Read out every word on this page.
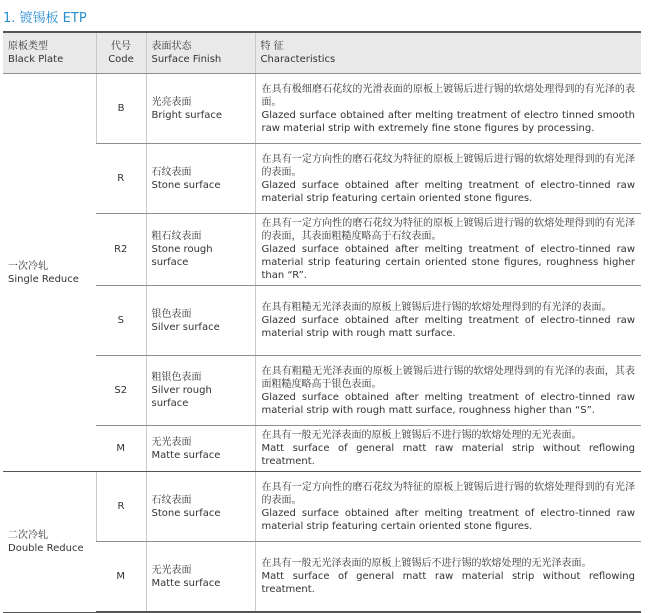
1. 镀锡板 ETP
原板类型
Black Plate	代号
Code	表面状态
Surface Finish	特 征
Characteristics

一次冷轧
Single Reduce	B	光亮表面
Bright surface	在具有极细磨石花纹的光滑表面的原板上镀锡后进行锡的软熔处理得到的有光泽的表面。
Glazed surface obtained after melting treatment of electro tinned smooth raw material strip with extremely fine stone figures by processing.

	R	石纹表面
Stone surface	在具有一定方向性的磨石花纹为特征的原板上镀锡后进行锡的软熔处理得到的有光泽的表面。
Glazed surface obtained after melting treatment of electro-tinned raw material strip featuring certain oriented stone figures.

	R2	粗石纹表面
Stone rough surface	在具有一定方向性的磨石花纹为特征的原板上镀锡后进行锡的软熔处理得到的有光泽的表面，其表面粗糙度略高于石纹表面。
Glazed surface obtained after melting treatment of electro-tinned raw material strip featuring certain oriented stone figures, roughness higher than “R”.

	S	银色表面
Silver surface	在具有粗糙无光泽表面的原板上镀锡后进行锡的软熔处理得到的有光泽的表面。
Glazed surface obtained after melting treatment of electro-tinned raw material strip with rough matt surface.

	S2	粗银色表面
Silver rough surface	在具有粗糙无光泽表面的原板上镀锡后进行锡的软熔处理得到的有光泽的表面，其表面粗糙度略高于银色表面。
Glazed surface obtained after melting treatment of electro-tinned raw material strip with rough matt surface, roughness higher than “S”.

	M	无光表面
Matte surface	在具有一般无光泽表面的原板上镀锡后不进行锡的软熔处理的无光表面。
Matt surface of general matt raw material strip without reflowing treatment.

二次冷轧
Double Reduce	R	石纹表面
Stone surface	在具有一定方向性的磨石花纹为特征的原板上镀锡后进行锡的软熔处理得到的有光泽的表面。
Glazed surface obtained after melting treatment of electro-tinned raw material strip featuring certain oriented stone figures.

	M	无光表面
Matte surface	在具有一般无光泽表面的原板上镀锡后不进行锡的软熔处理的无光泽表面。
Matt surface of general matt raw material strip without reflowing treatment.
